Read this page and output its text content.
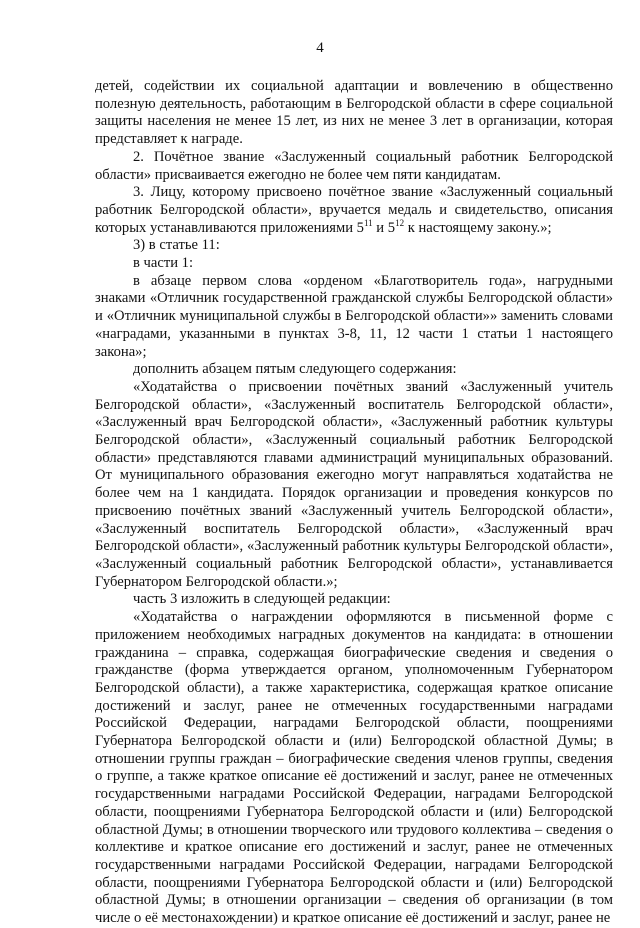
4

детей, содействии их социальной адаптации и вовлечению в общественно полезную деятельность, работающим в Белгородской области в сфере социальной защиты населения не менее 15 лет, из них не менее 3 лет в организации, которая представляет к награде.

2. Почётное звание «Заслуженный социальный работник Белгородской области» присваивается ежегодно не более чем пяти кандидатам.

3. Лицу, которому присвоено почётное звание «Заслуженный социальный работник Белгородской области», вручается медаль и свидетельство, описания которых устанавливаются приложениями $5^{11}$ и $5^{12}$ к настоящему закону.»;

3) в статье 11:

в части 1:

в абзаце первом слова «орденом «Благотворитель года», нагрудными знаками «Отличник государственной гражданской службы Белгородской области» и «Отличник муниципальной службы в Белгородской области»» заменить словами «наградами, указанными в пунктах 3-8, 11, 12 части 1 статьи 1 настоящего закона»;

дополнить абзацем пятым следующего содержания:

«Ходатайства о присвоении почётных званий «Заслуженный учитель Белгородской области», «Заслуженный воспитатель Белгородской области», «Заслуженный врач Белгородской области», «Заслуженный работник культуры Белгородской области», «Заслуженный социальный работник Белгородской области» представляются главами администраций муниципальных образований. От муниципального образования ежегодно могут направляться ходатайства не более чем на 1 кандидата. Порядок организации и проведения конкурсов по присвоению почётных званий «Заслуженный учитель Белгородской области», «Заслуженный воспитатель Белгородской области», «Заслуженный врач Белгородской области», «Заслуженный работник культуры Белгородской области», «Заслуженный социальный работник Белгородской области», устанавливается Губернатором Белгородской области.»;

часть 3 изложить в следующей редакции:

«Ходатайства о награждении оформляются в письменной форме с приложением необходимых наградных документов на кандидата: в отношении гражданина – справка, содержащая биографические сведения и сведения о гражданстве (форма утверждается органом, уполномоченным Губернатором Белгородской области), а также характеристика, содержащая краткое описание достижений и заслуг, ранее не отмеченных государственными наградами Российской Федерации, наградами Белгородской области, поощрениями Губернатора Белгородской области и (или) Белгородской областной Думы; в отношении группы граждан – биографические сведения членов группы, сведения о группе, а также краткое описание её достижений и заслуг, ранее не отмеченных государственными наградами Российской Федерации, наградами Белгородской области, поощрениями Губернатора Белгородской области и (или) Белгородской областной Думы; в отношении творческого или трудового коллектива – сведения о коллективе и краткое описание его достижений и заслуг, ранее не отмеченных государственными наградами Российской Федерации, наградами Белгородской области, поощрениями Губернатора Белгородской области и (или) Белгородской областной Думы; в отношении организации – сведения об организации (в том числе о её местонахождении) и краткое описание её достижений и заслуг, ранее не
